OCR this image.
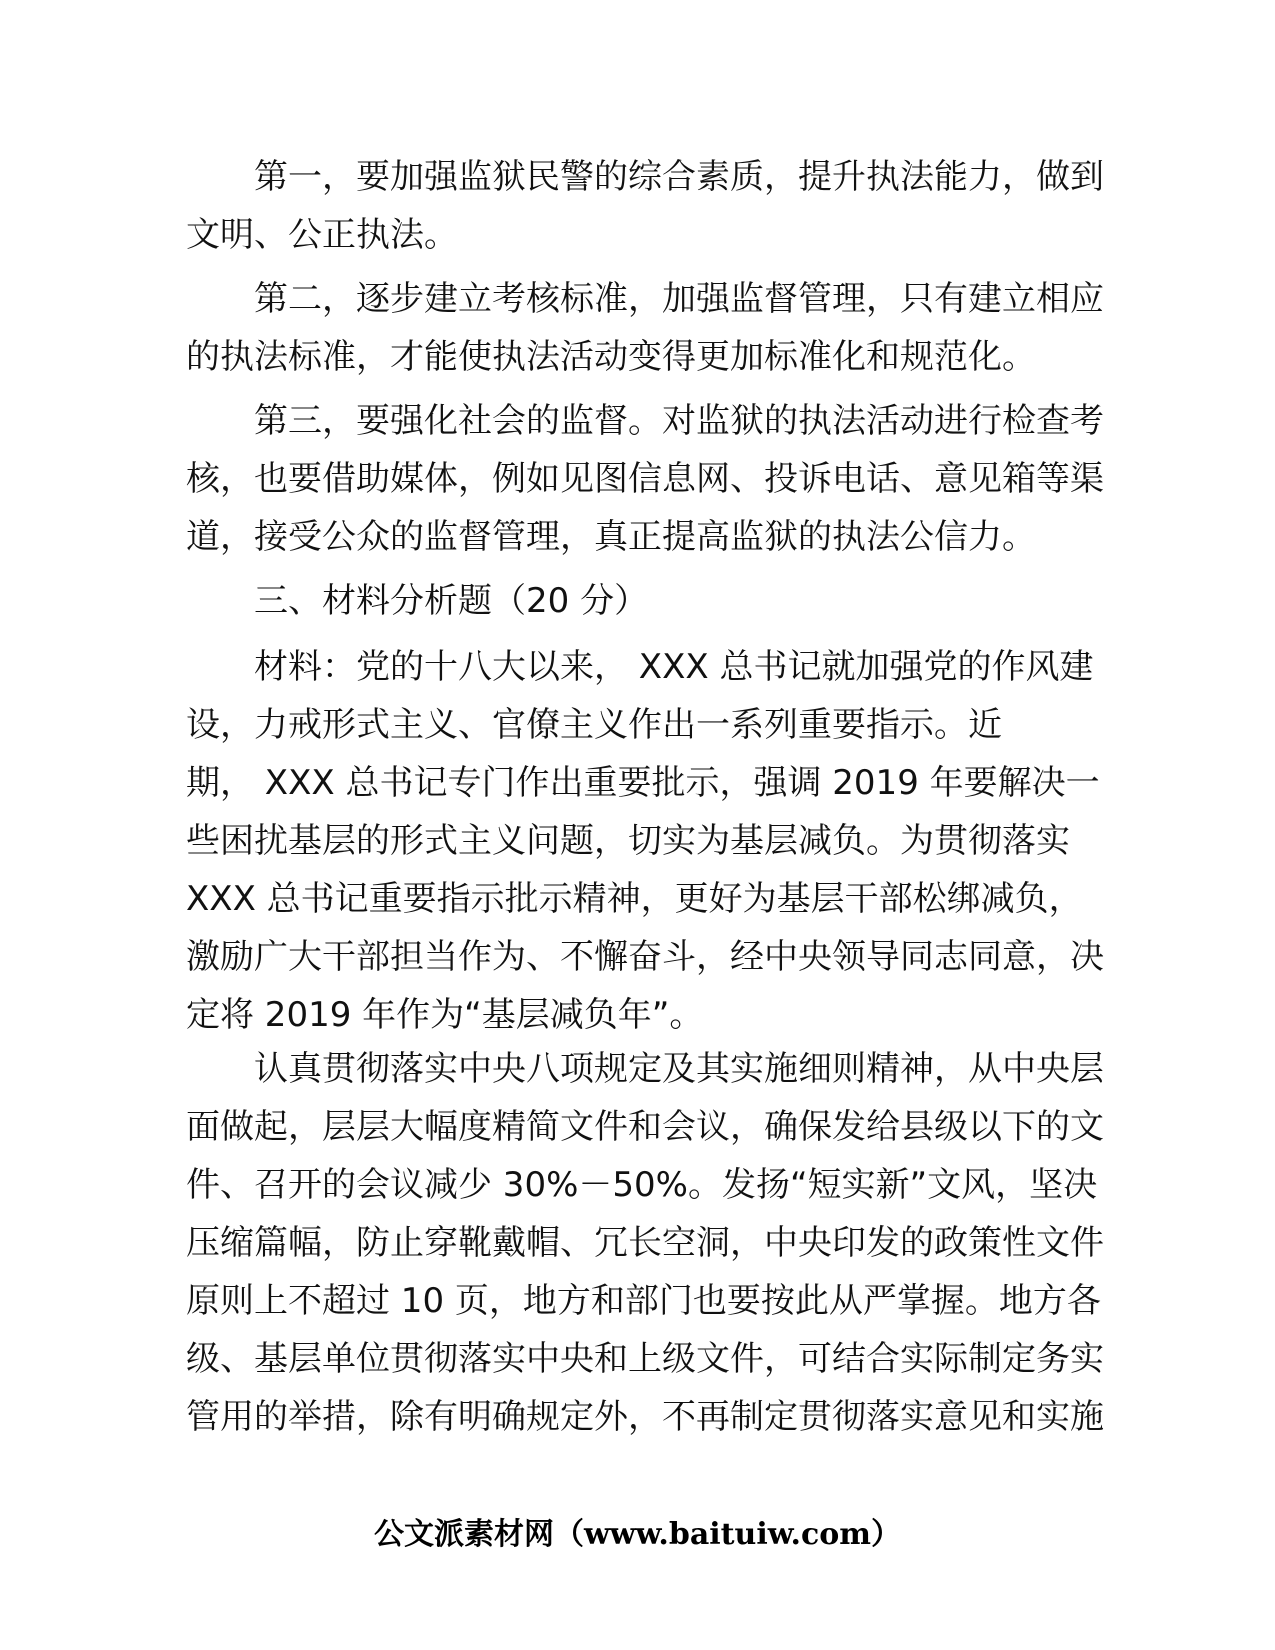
第一，要加强监狱民警的综合素质，提升执法能力，做到
文明、公正执法。
第二，逐步建立考核标准，加强监督管理，只有建立相应
的执法标准，才能使执法活动变得更加标准化和规范化。
第三，要强化社会的监督。对监狱的执法活动进行检查考
核，也要借助媒体，例如见图信息网、投诉电话、意见箱等渠
道，接受公众的监督管理，真正提高监狱的执法公信力。
三、材料分析题（20 分）
材料：党的十八大以来， XXX 总书记就加强党的作风建
设，力戒形式主义、官僚主义作出一系列重要指示。近
期， XXX 总书记专门作出重要批示，强调 2019 年要解决一
些困扰基层的形式主义问题，切实为基层减负。为贯彻落实
XXX 总书记重要指示批示精神，更好为基层干部松绑减负，
激励广大干部担当作为、不懈奋斗，经中央领导同志同意，决
定将 2019 年作为“基层减负年”。
认真贯彻落实中央八项规定及其实施细则精神，从中央层
面做起，层层大幅度精简文件和会议，确保发给县级以下的文
件、召开的会议减少 30%－50%。发扬“短实新”文风，坚决
压缩篇幅，防止穿靴戴帽、冗长空洞，中央印发的政策性文件
原则上不超过 10 页，地方和部门也要按此从严掌握。地方各
级、基层单位贯彻落实中央和上级文件，可结合实际制定务实
管用的举措，除有明确规定外，不再制定贯彻落实意见和实施
公文派素材网（www.baituiw.com）
